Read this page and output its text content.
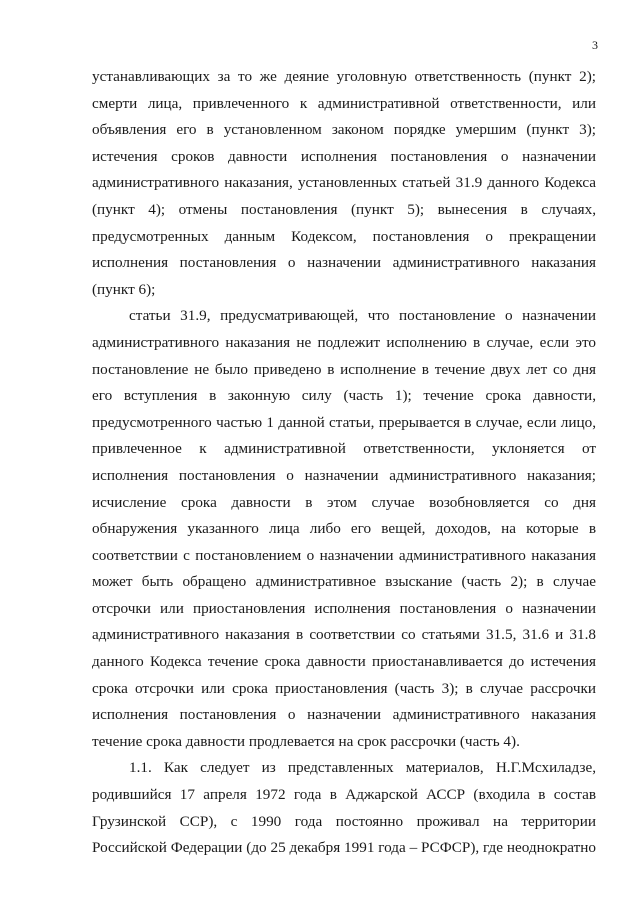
3
устанавливающих за то же деяние уголовную ответственность (пункт 2);
смерти лица, привлеченного к административной ответственности, или
объявления его в установленном законом порядке умершим (пункт 3);
истечения сроков давности исполнения постановления о назначении
административного наказания, установленных статьей 31.9 данного Кодекса
(пункт 4); отмены постановления (пункт 5); вынесения в случаях,
предусмотренных данным Кодексом, постановления о прекращении
исполнения постановления о назначении административного наказания
(пункт 6);
статьи 31.9, предусматривающей, что постановление о назначении
административного наказания не подлежит исполнению в случае, если это
постановление не было приведено в исполнение в течение двух лет со дня
его вступления в законную силу (часть 1); течение срока давности,
предусмотренного частью 1 данной статьи, прерывается в случае, если лицо,
привлеченное к административной ответственности, уклоняется от
исполнения постановления о назначении административного наказания;
исчисление срока давности в этом случае возобновляется со дня
обнаружения указанного лица либо его вещей, доходов, на которые в
соответствии с постановлением о назначении административного наказания
может быть обращено административное взыскание (часть 2); в случае
отсрочки или приостановления исполнения постановления о назначении
административного наказания в соответствии со статьями 31.5, 31.6 и 31.8
данного Кодекса течение срока давности приостанавливается до истечения
срока отсрочки или срока приостановления (часть 3); в случае рассрочки
исполнения постановления о назначении административного наказания
течение срока давности продлевается на срок рассрочки (часть 4).
1.1. Как следует из представленных материалов, Н.Г.Мсхиладзе,
родившийся 17 апреля 1972 года в Аджарской АССР (входила в состав
Грузинской ССР), с 1990 года постоянно проживал на территории
Российской Федерации (до 25 декабря 1991 года – РСФСР), где неоднократно
